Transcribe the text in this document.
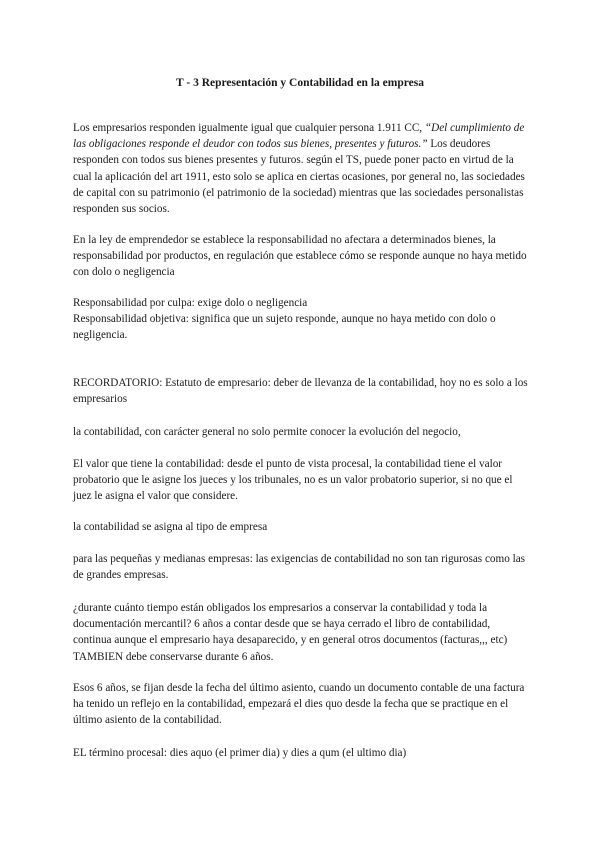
T - 3 Representación y Contabilidad en la empresa

Los empresarios responden igualmente igual que cualquier persona 1.911 CC, “Del cumplimiento de las obligaciones responde el deudor con todos sus bienes, presentes y futuros.” Los deudores responden con todos sus bienes presentes y futuros. según el TS, puede poner pacto en virtud de la cual la aplicación del art 1911, esto solo se aplica en ciertas ocasiones, por general no, las sociedades de capital con su patrimonio (el patrimonio de la sociedad) mientras que las sociedades personalistas responden sus socios.

En la ley de emprendedor se establece la responsabilidad no afectara a determinados bienes, la responsabilidad por productos, en regulación que establece cómo se responde aunque no haya metido con dolo o negligencia

Responsabilidad por culpa: exige dolo o negligencia

Responsabilidad objetiva: significa que un sujeto responde, aunque no haya metido con dolo o negligencia.

RECORDATORIO: Estatuto de empresario: deber de llevanza de la contabilidad, hoy no es solo a los empresarios

la contabilidad, con carácter general no solo permite conocer la evolución del negocio,

El valor que tiene la contabilidad: desde el punto de vista procesal, la contabilidad tiene el valor probatorio que le asigne los jueces y los tribunales, no es un valor probatorio superior, si no que el juez le asigna el valor que considere.

la contabilidad se asigna al tipo de empresa

para las pequeñas y medianas empresas: las exigencias de contabilidad no son tan rigurosas como las de grandes empresas.

¿durante cuánto tiempo están obligados los empresarios a conservar la contabilidad y toda la documentación mercantil? 6 años a contar desde que se haya cerrado el libro de contabilidad, continua aunque el empresario haya desaparecido, y en general otros documentos (facturas,,, etc) TAMBIEN debe conservarse durante 6 años.

Esos 6 años, se fijan desde la fecha del último asiento, cuando un documento contable de una factura ha tenido un reflejo en la contabilidad, empezará el dies quo desde la fecha que se practique en el último asiento de la contabilidad.

EL término procesal: dies aquo (el primer dia) y dies a qum (el ultimo dia)
